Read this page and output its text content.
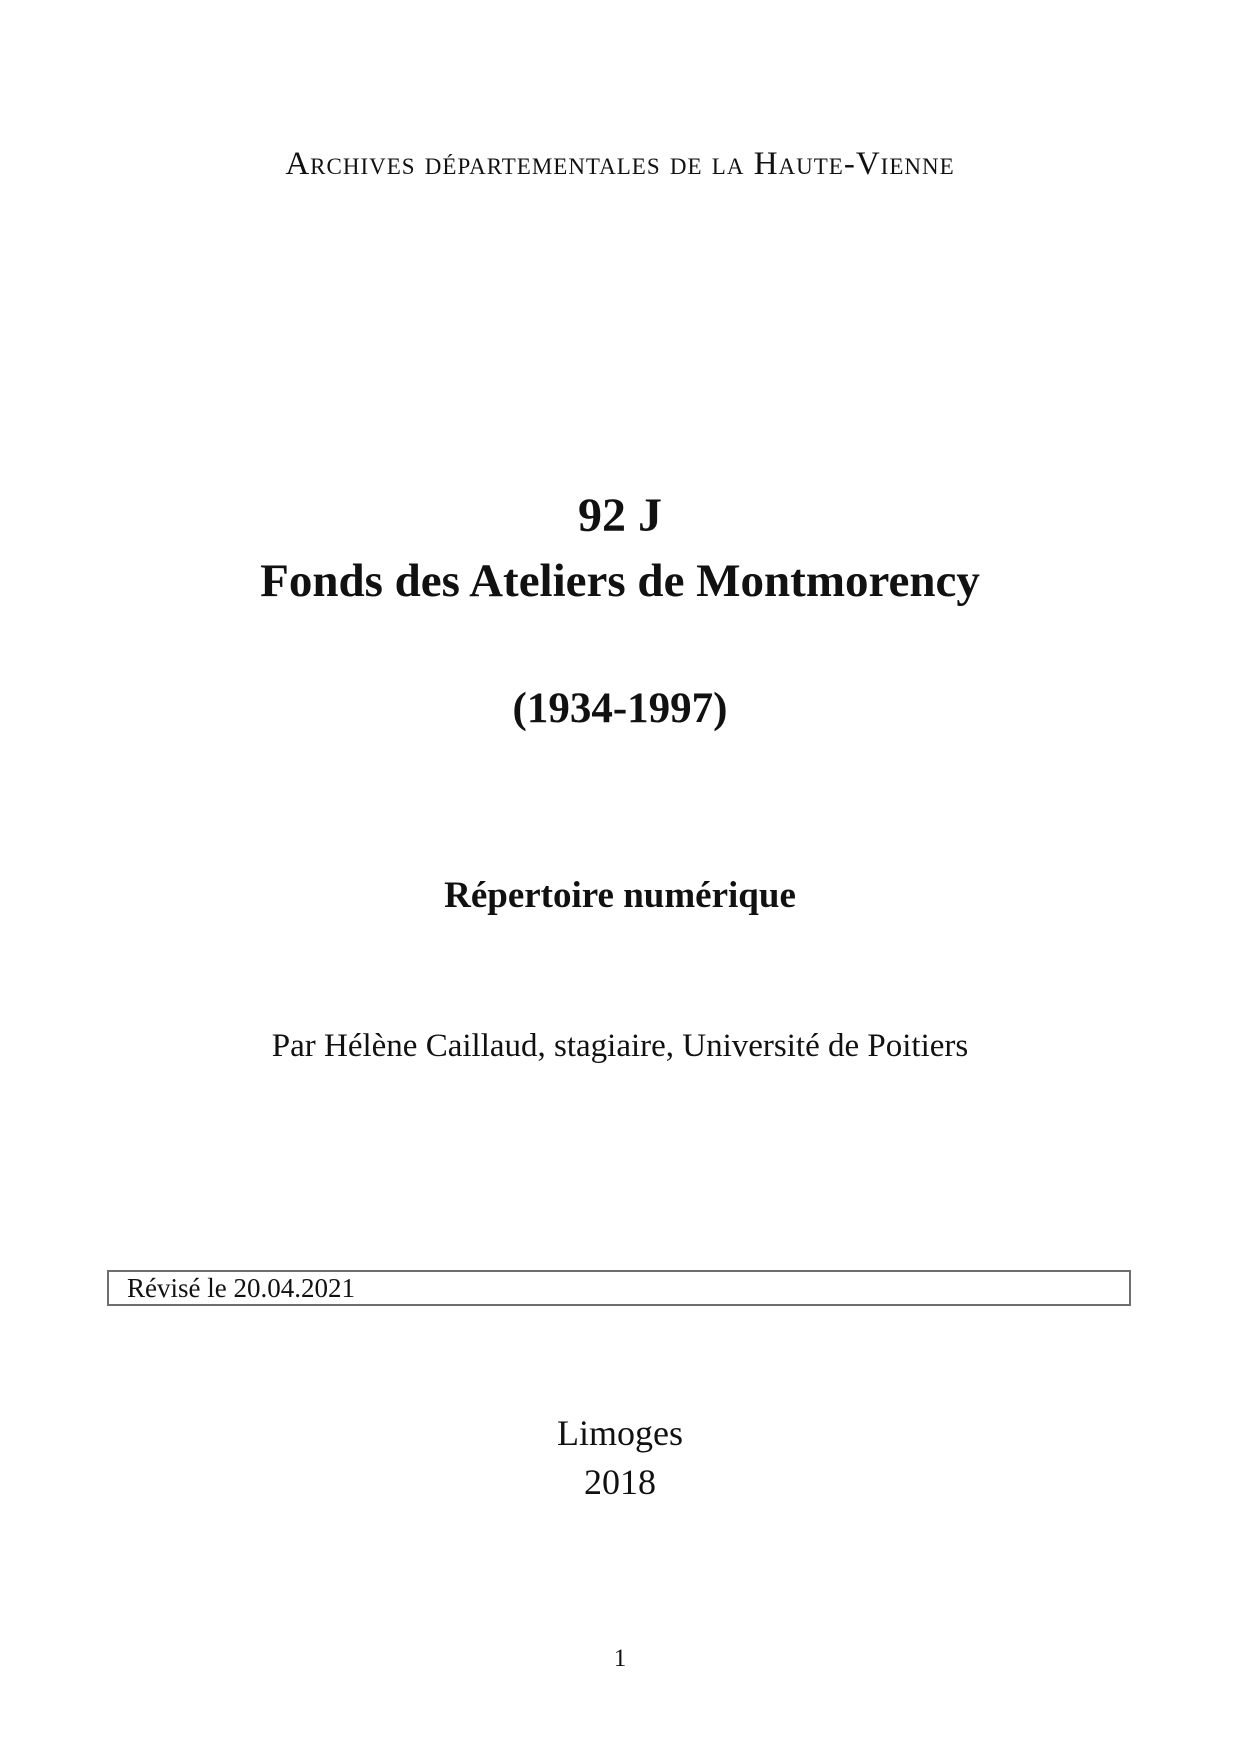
Archives départementales de la Haute-Vienne
92 J
Fonds des Ateliers de Montmorency
(1934-1997)
Répertoire numérique
Par Hélène Caillaud, stagiaire, Université de Poitiers
Révisé le 20.04.2021
Limoges
2018
1
